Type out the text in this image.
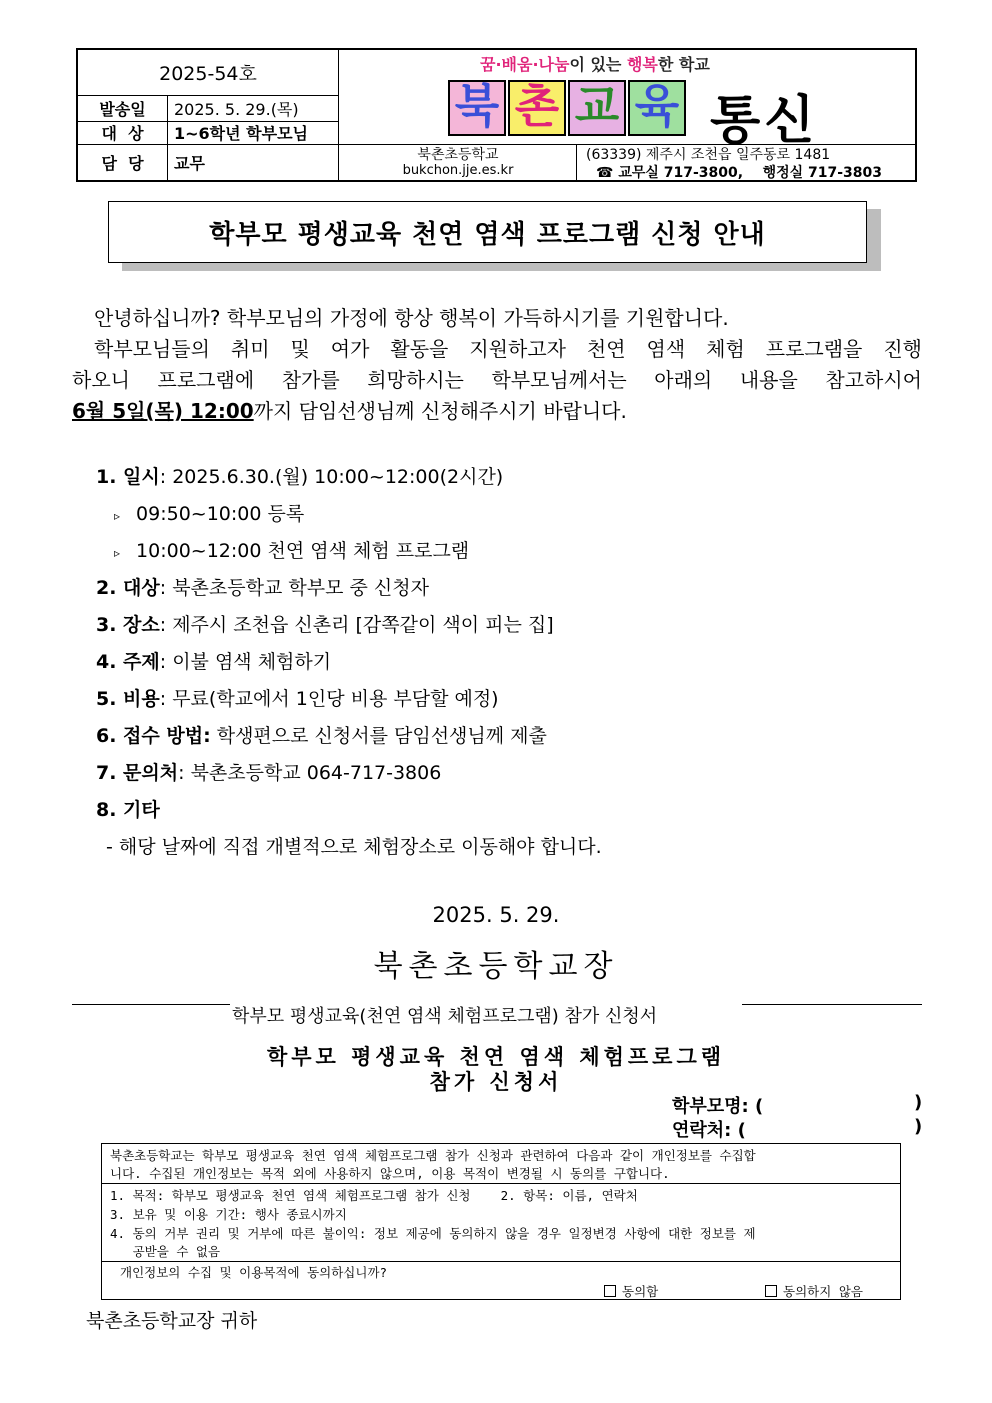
2025-54호
발송일	2025. 5. 29.(목)
대  상	1~6학년 학부모님
담  당	교무	북촌초등학교
bukchon.jje.es.kr
(63339) 제주시 조천읍 일주동로 1481
☎ 교무실 717-3800,    행정실 717-3803
꿈·배움·나눔이 있는 행복한 학교
북 촌 교 육 통신
학부모 평생교육 천연 염색 프로그램 신청 안내
안녕하십니까? 학부모님의 가정에 항상 행복이 가득하시기를 기원합니다.
학부모님들의 취미 및 여가 활동을 지원하고자 천연 염색 체험 프로그램을 진행
하오니 프로그램에 참가를 희망하시는 학부모님께서는 아래의 내용을 참고하시어
6월 5일(목) 12:00까지 담임선생님께 신청해주시기 바랍니다.
1. 일시: 2025.6.30.(월) 10:00~12:00(2시간)
▹ 09:50~10:00 등록
▹ 10:00~12:00 천연 염색 체험 프로그램
2. 대상: 북촌초등학교 학부모 중 신청자
3. 장소: 제주시 조천읍 신촌리 [감쪽같이 색이 피는 집]
4. 주제: 이불 염색 체험하기
5. 비용: 무료(학교에서 1인당 비용 부담할 예정)
6. 접수 방법: 학생편으로 신청서를 담임선생님께 제출
7. 문의처: 북촌초등학교 064-717-3806
8. 기타
- 해당 날짜에 직접 개별적으로 체험장소로 이동해야 합니다.
2025. 5. 29.
북촌초등학교장
학부모 평생교육(천연 염색 체험프로그램) 참가 신청서
학부모 평생교육 천연 염색 체험프로그램
참가 신청서
학부모명: (	)
연락처: (	)
북촌초등학교는 학부모 평생교육 천연 염색 체험프로그램 참가 신청과 관련하여 다음과 같이 개인정보를 수집합
니다. 수집된 개인정보는 목적 외에 사용하지 않으며, 이용 목적이 변경될 시 동의를 구합니다.
1. 목적: 학부모 평생교육 천연 염색 체험프로그램 참가 신청    2. 항목: 이름, 연락처
3. 보유 및 이용 기간: 행사 종료시까지
4. 동의 거부 권리 및 거부에 따른 불이익: 정보 제공에 동의하지 않을 경우 일정변경 사항에 대한 정보를 제
공받을 수 없음
개인정보의 수집 및 이용목적에 동의하십니까?
동의함	동의하지 않음
북촌초등학교장 귀하
